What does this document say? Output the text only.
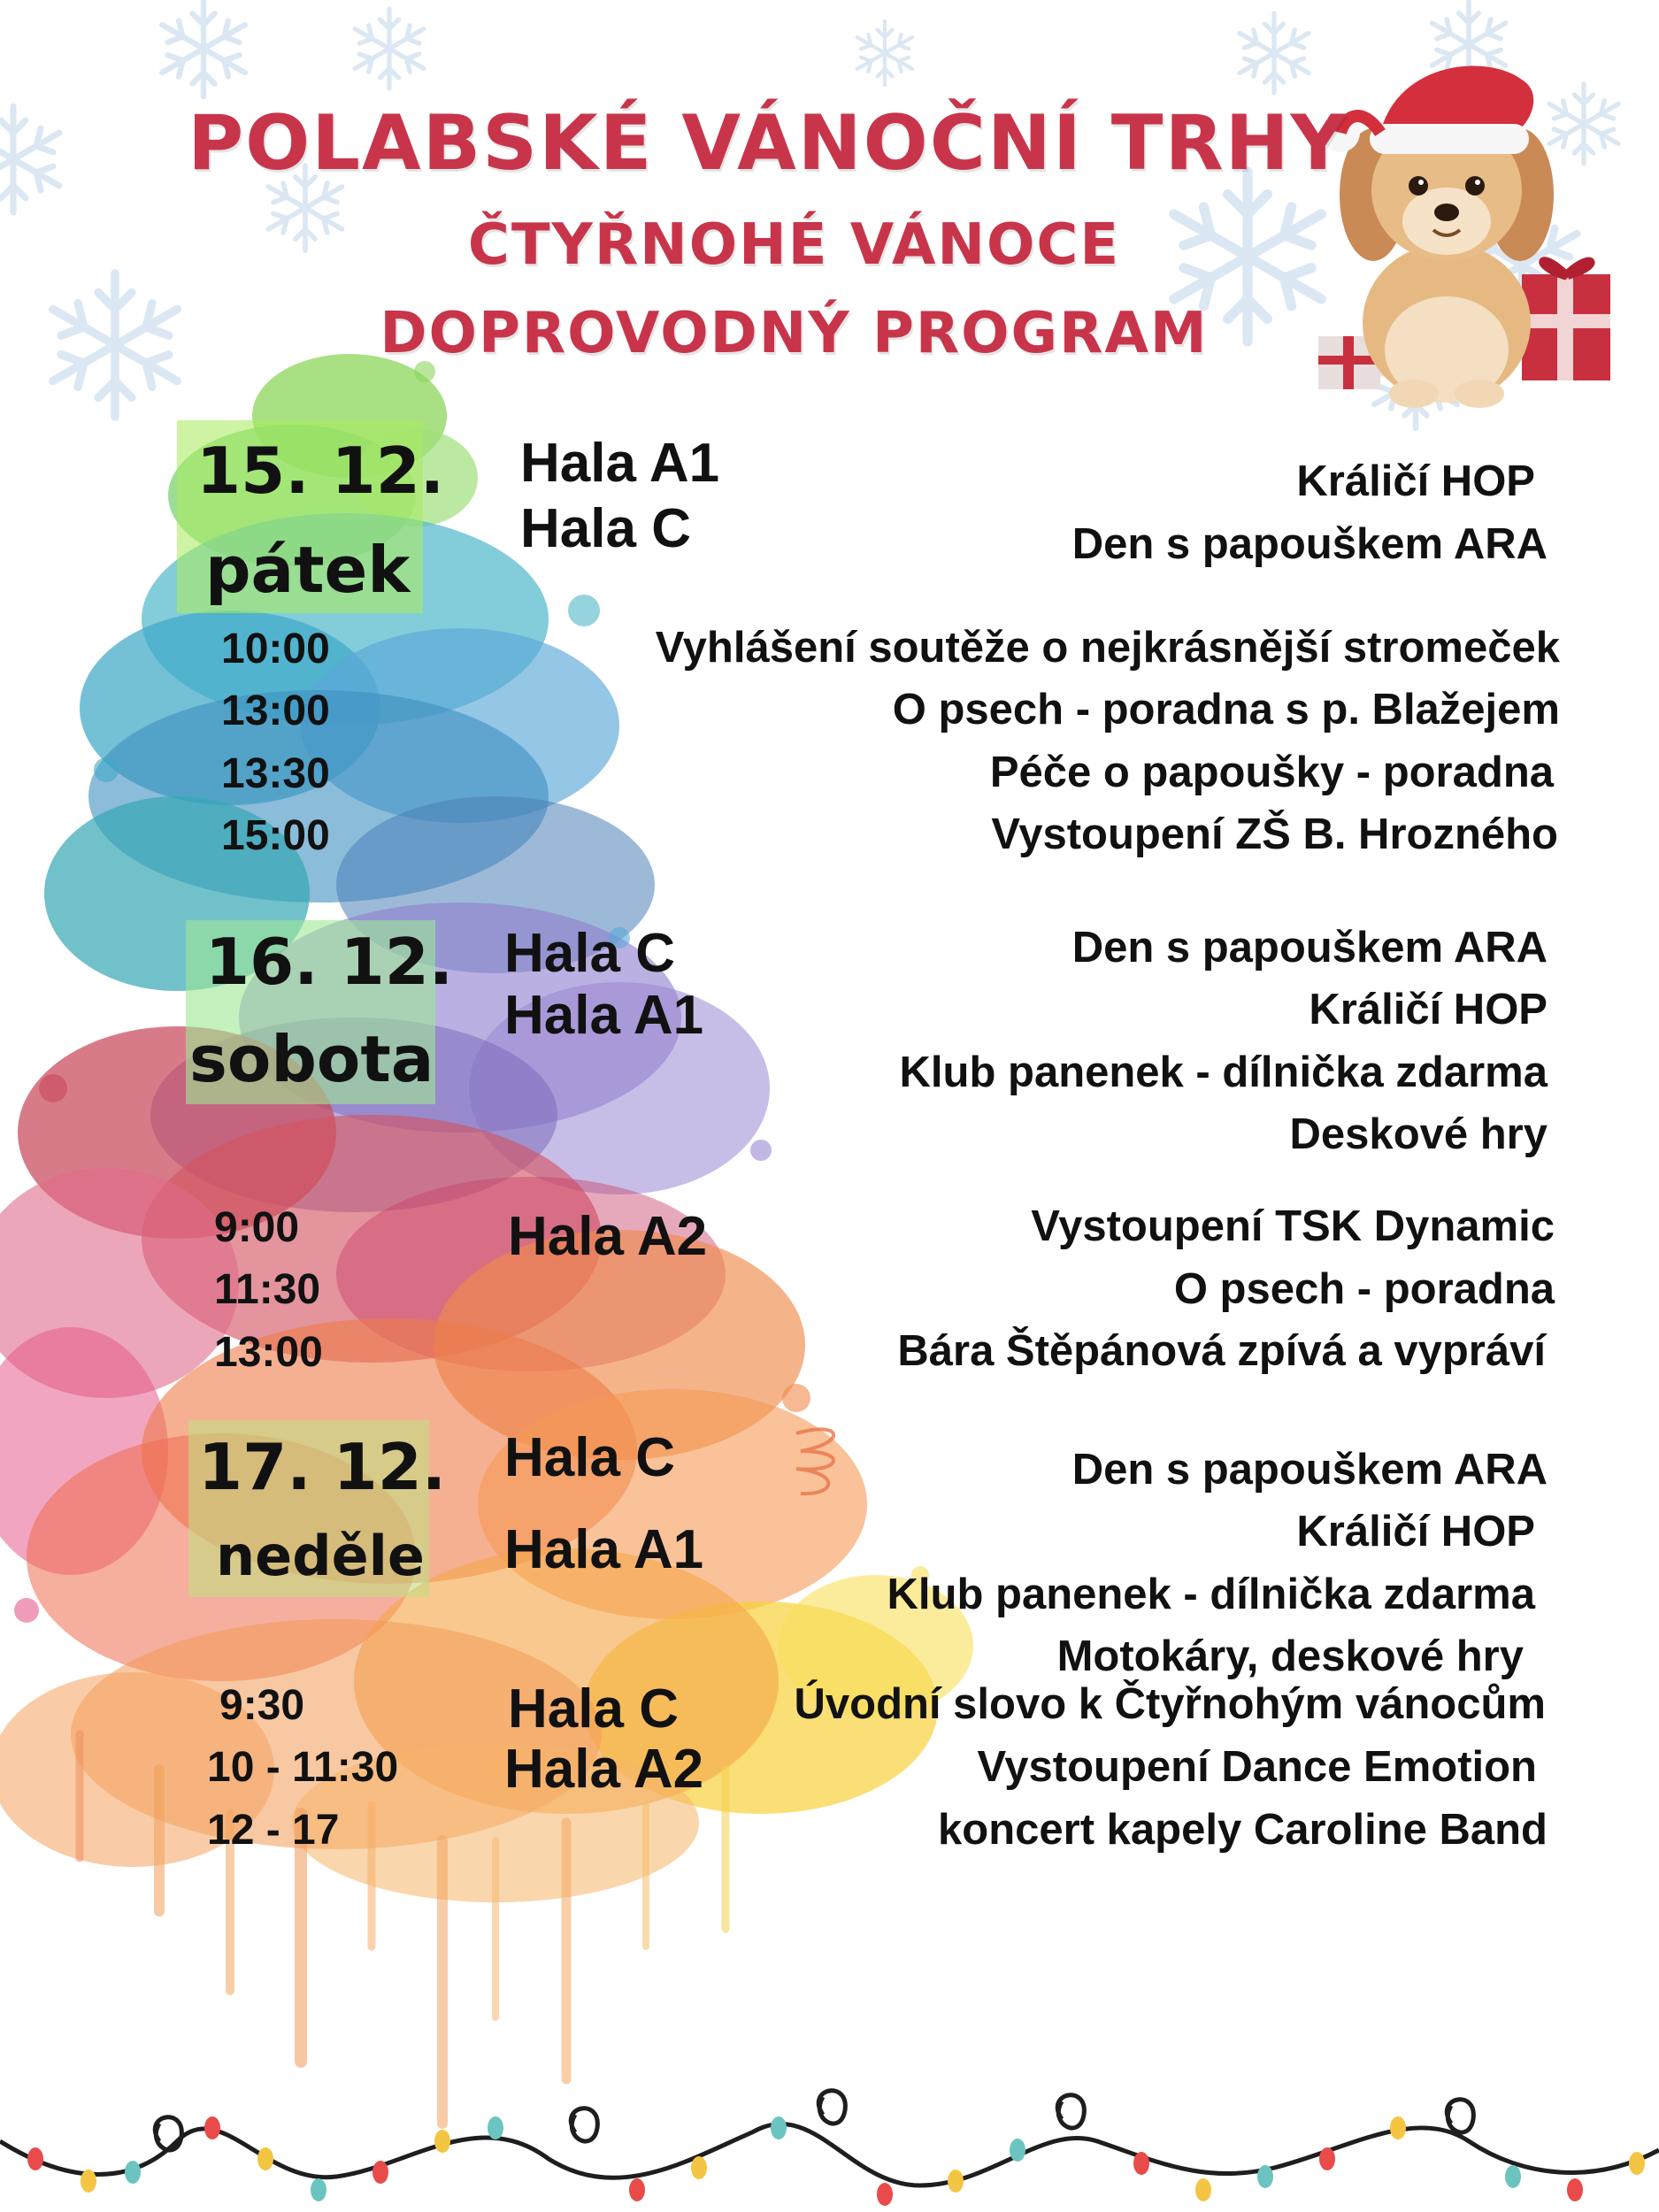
POLABSKÉ VÁNOČNÍ TRHY
ČTYŘNOHÉ VÁNOCE
DOPROVODNÝ PROGRAM
15. 12.
pátek
Hala A1
Hala C
Králičí HOP
Den s papouškem ARA
10:00
13:00
13:30
15:00
Vyhlášení soutěže o nejkrásnější stromeček
O psech - poradna s p. Blažejem
Péče o papoušky - poradna
Vystoupení ZŠ B. Hrozného
16. 12.
sobota
Hala C
Hala A1
Den s papouškem ARA
Králičí HOP
Klub panenek - dílnička zdarma
Deskové hry
9:00
11:30
13:00
Hala A2	Vystoupení TSK Dynamic
O psech - poradna
Bára Štěpánová zpívá a vypráví
17. 12.
neděle
Hala C
Hala A1
Den s papouškem ARA
Králičí HOP
Klub panenek - dílnička zdarma
Motokáry, deskové hry
9:30
10 - 11:30
12 - 17
Hala C
Hala A2
Úvodní slovo k Čtyřnohým vánocům
Vystoupení Dance Emotion
koncert kapely Caroline Band
